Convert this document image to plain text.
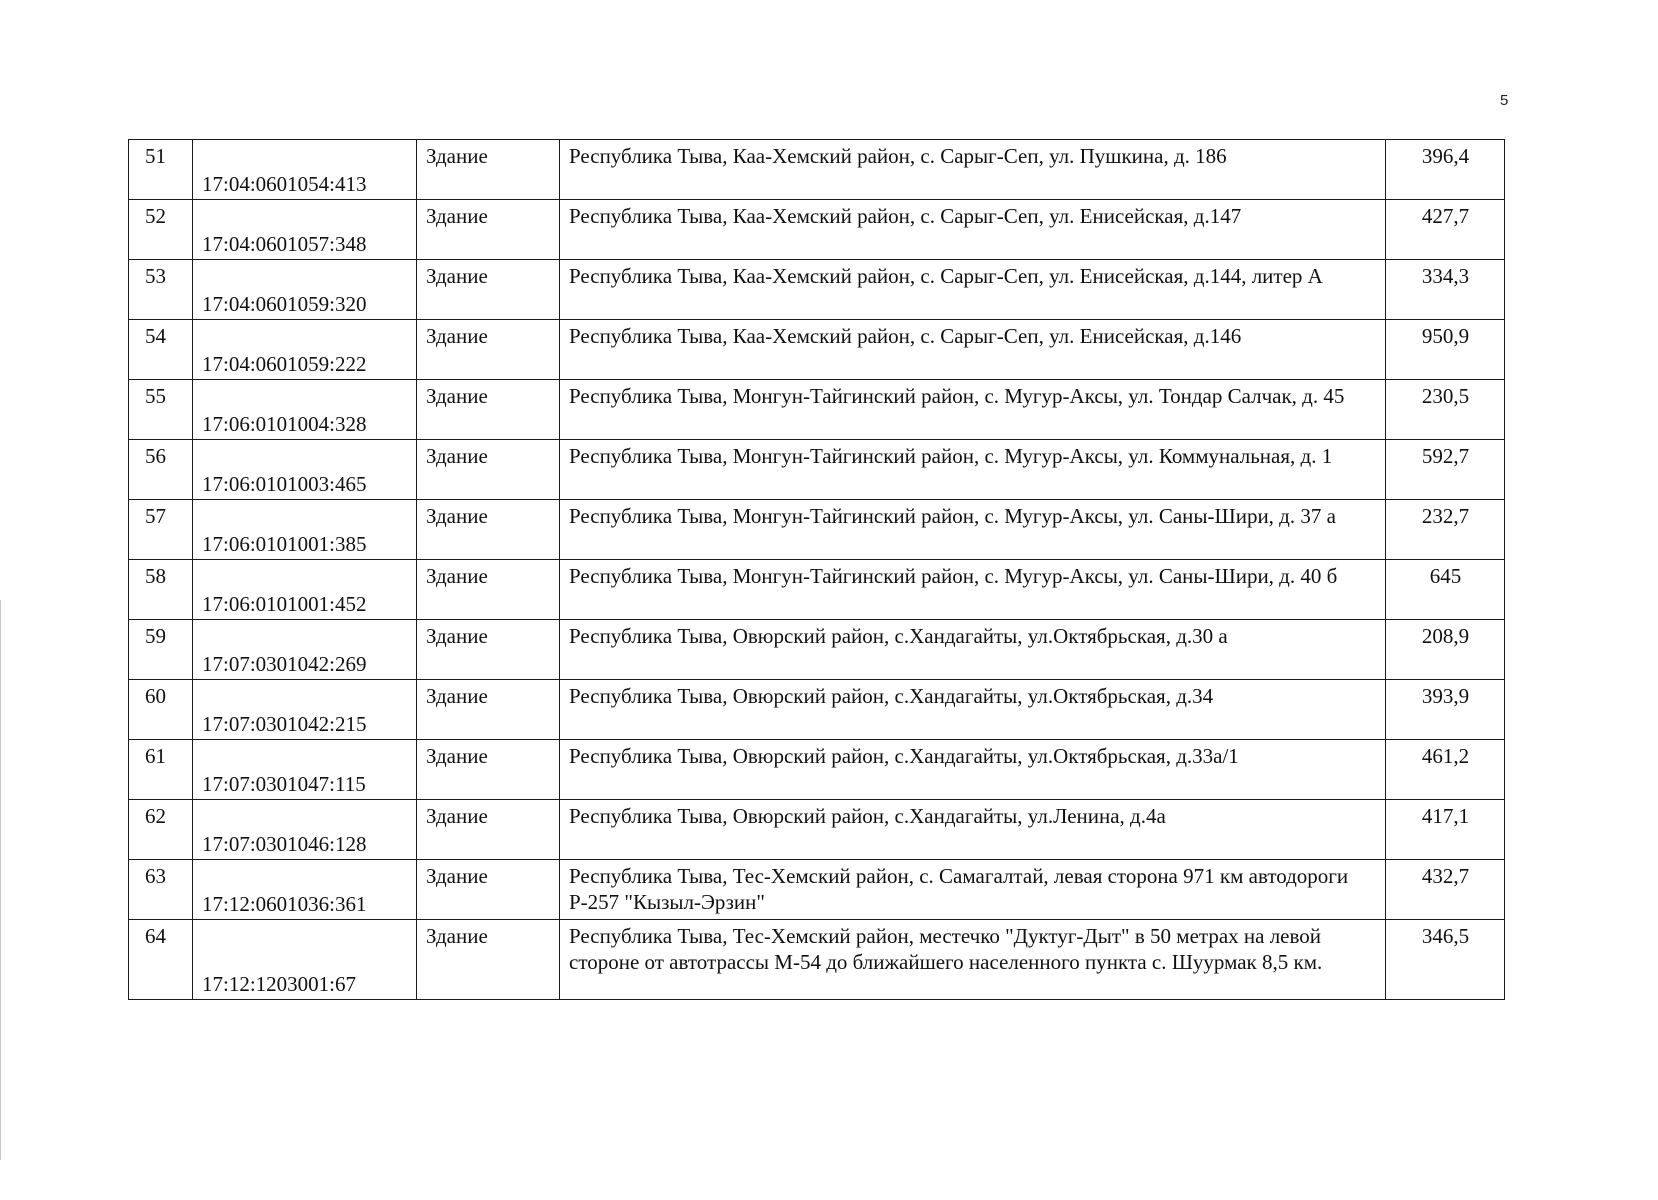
5
51	17:04:0601054:413	Здание	Республика Тыва, Каа-Хемский район, с. Сарыг-Сеп, ул. Пушкина, д. 186	396,4
52	17:04:0601057:348	Здание	Республика Тыва, Каа-Хемский район, с. Сарыг-Сеп, ул. Енисейская, д.147	427,7
53	17:04:0601059:320	Здание	Республика Тыва, Каа-Хемский район, с. Сарыг-Сеп, ул. Енисейская, д.144, литер А	334,3
54	17:04:0601059:222	Здание	Республика Тыва, Каа-Хемский район, с. Сарыг-Сеп, ул. Енисейская, д.146	950,9
55	17:06:0101004:328	Здание	Республика Тыва, Монгун-Тайгинский район, с. Мугур-Аксы, ул. Тондар Салчак, д. 45	230,5
56	17:06:0101003:465	Здание	Республика Тыва, Монгун-Тайгинский район, с. Мугур-Аксы, ул. Коммунальная, д. 1	592,7
57	17:06:0101001:385	Здание	Республика Тыва, Монгун-Тайгинский район, с. Мугур-Аксы, ул. Саны-Шири, д. 37 а	232,7
58	17:06:0101001:452	Здание	Республика Тыва, Монгун-Тайгинский район, с. Мугур-Аксы, ул. Саны-Шири, д. 40 б	645
59	17:07:0301042:269	Здание	Республика Тыва, Овюрский район, с.Хандагайты, ул.Октябрьская, д.30 а	208,9
60	17:07:0301042:215	Здание	Республика Тыва, Овюрский район, с.Хандагайты, ул.Октябрьская, д.34	393,9
61	17:07:0301047:115	Здание	Республика Тыва, Овюрский район, с.Хандагайты, ул.Октябрьская, д.33а/1	461,2
62	17:07:0301046:128	Здание	Республика Тыва, Овюрский район, с.Хандагайты, ул.Ленина, д.4а	417,1
63	17:12:0601036:361	Здание	Республика Тыва, Тес-Хемский район, с. Самагалтай, левая сторона 971 км автодороги Р-257 "Кызыл-Эрзин"	432,7
64	17:12:1203001:67	Здание	Республика Тыва, Тес-Хемский район, местечко "Дуктуг-Дыт" в 50 метрах на левой стороне от автотрассы М-54 до ближайшего населенного пункта с. Шуурмак 8,5 км.	346,5
